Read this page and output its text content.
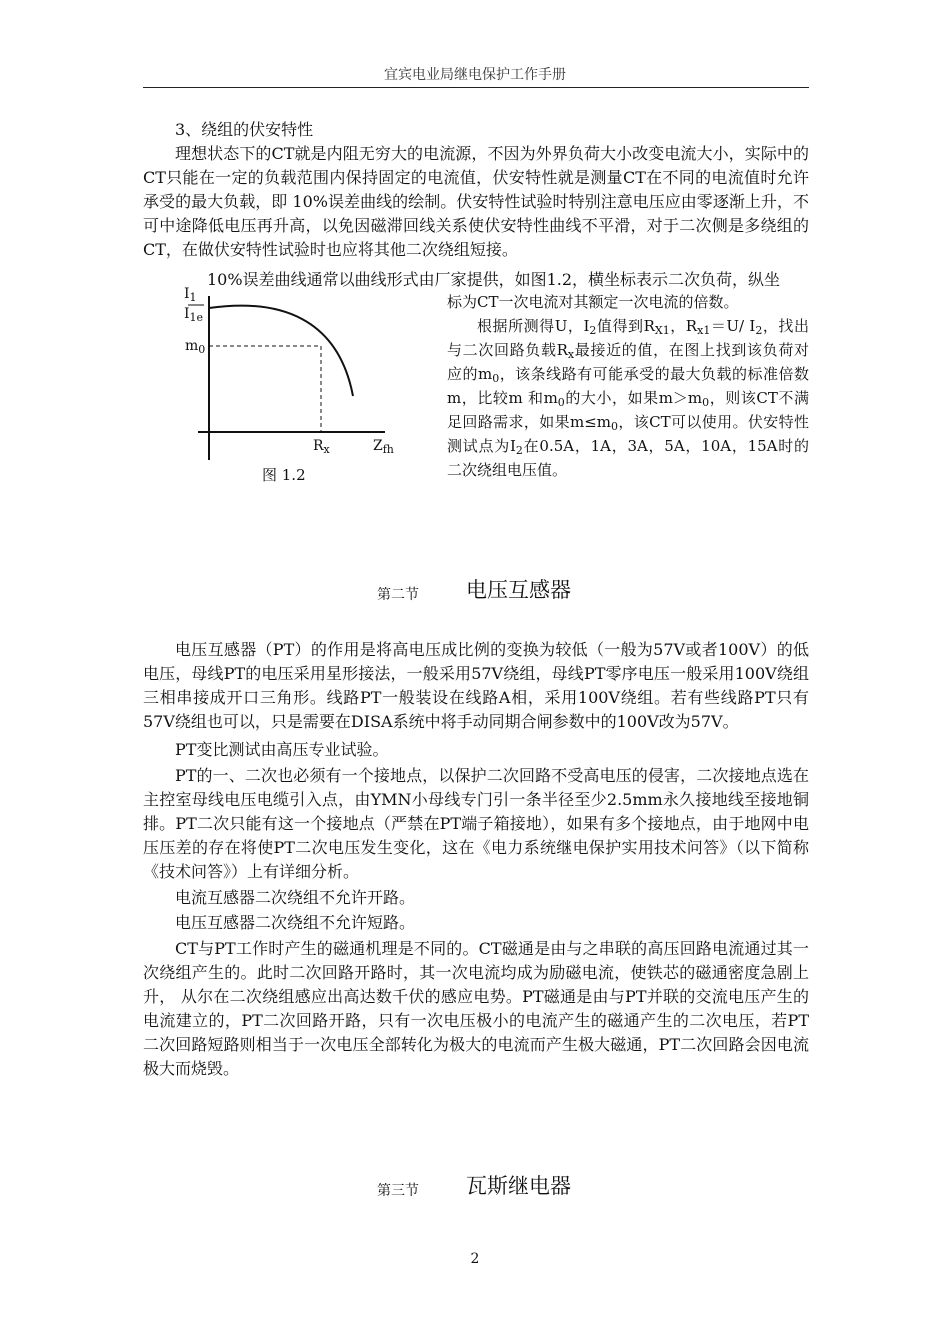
宜宾电业局继电保护工作手册

3、绕组的伏安特性

理想状态下的CT就是内阻无穷大的电流源，不因为外界负荷大小改变电流大小，实际中的CT只能在一定的负载范围内保持固定的电流值，伏安特性就是测量CT在不同的电流值时允许承受的最大负载，即 10%误差曲线的绘制。伏安特性试验时特别注意电压应由零逐渐上升，不可中途降低电压再升高，以免因磁滞回线关系使伏安特性曲线不平滑，对于二次侧是多绕组的CT，在做伏安特性试验时也应将其他二次绕组短接。

10%误差曲线通常以曲线形式由厂家提供，如图1.2，横坐标表示二次负荷，纵坐

$I_1$
$I_{1e}$
$m_0$
$R_x$	$Z_{fh}$
图 1.2

标为CT一次电流对其额定一次电流的倍数。

根据所测得U，$I_2$值得到$R_{X1}$，$R_{x1}=U/$ $I_2$，找出与二次回路负载$R_x$最接近的值，在图上找到该负荷对应的$m_0$，该条线路有可能承受的最大负载的标准倍数m，比较m 和$m_0$的大小，如果$m>m_0$，则该CT不满足回路需求，如果$m\le m_0$，该CT可以使用。伏安特性测试点为$I_2$在0.5A，1A，3A，5A，10A，15A时的二次绕组电压值。

第二节 电压互感器

电压互感器（PT）的作用是将高电压成比例的变换为较低（一般为57V或者100V）的低电压，母线PT的电压采用星形接法，一般采用57V绕组，母线PT零序电压一般采用100V绕组三相串接成开口三角形。线路PT一般装设在线路A相，采用100V绕组。若有些线路PT只有57V绕组也可以，只是需要在DISA系统中将手动同期合闸参数中的100V改为57V。

PT变比测试由高压专业试验。

PT的一、二次也必须有一个接地点，以保护二次回路不受高电压的侵害，二次接地点选在主控室母线电压电缆引入点，由YMN小母线专门引一条半径至少2.5mm永久接地线至接地铜排。PT二次只能有这一个接地点（严禁在PT端子箱接地），如果有多个接地点，由于地网中电压压差的存在将使PT二次电压发生变化，这在《电力系统继电保护实用技术问答》（以下简称《技术问答》）上有详细分析。

电流互感器二次绕组不允许开路。

电压互感器二次绕组不允许短路。

CT与PT工作时产生的磁通机理是不同的。CT磁通是由与之串联的高压回路电流通过其一次绕组产生的。此时二次回路开路时，其一次电流均成为励磁电流，使铁芯的磁通密度急剧上升， 从尔在二次绕组感应出高达数千伏的感应电势。PT磁通是由与PT并联的交流电压产生的电流建立的，PT二次回路开路，只有一次电压极小的电流产生的磁通产生的二次电压，若PT二次回路短路则相当于一次电压全部转化为极大的电流而产生极大磁通，PT二次回路会因电流极大而烧毁。

第三节 瓦斯继电器
2
